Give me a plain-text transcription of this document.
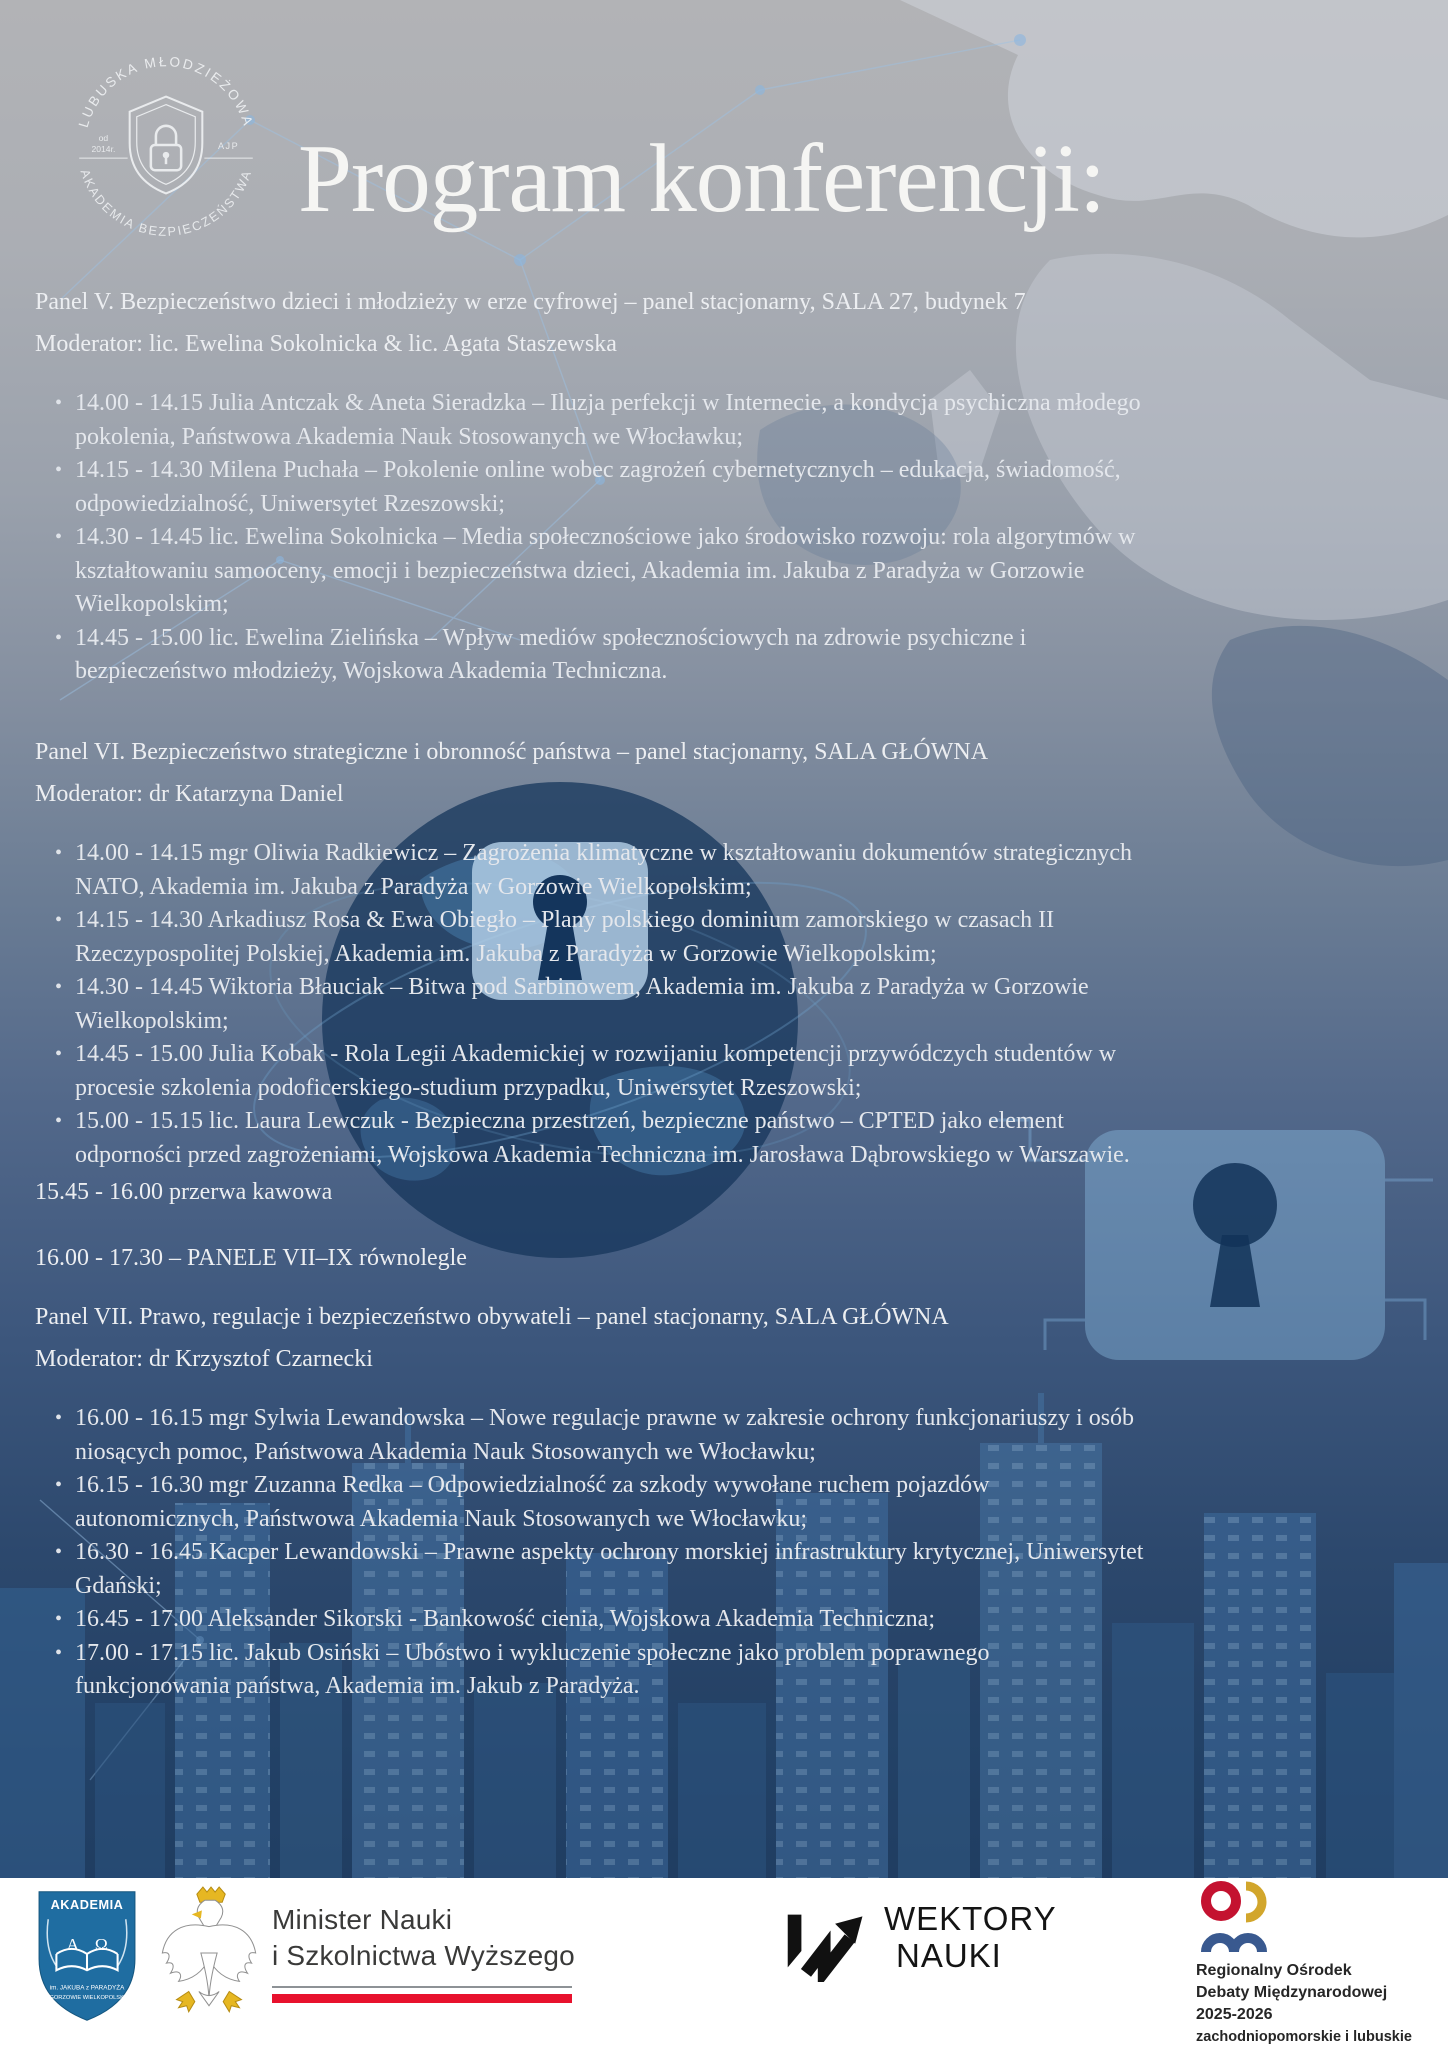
LUBUSKA MŁODZIEŻOWA
AKADEMIA BEZPIECZEŃSTWA
od
2014r.	AJP Program konferencji:

Panel V. Bezpieczeństwo dzieci i młodzieży w erze cyfrowej – panel stacjonarny, SALA 27, budynek 7

Moderator: lic. Ewelina Sokolnicka & lic. Agata Staszewska

• 14.00 - 14.15 Julia Antczak & Aneta Sieradzka – Iluzja perfekcji w Internecie, a kondycja psychiczna młodego pokolenia, Państwowa Akademia Nauk Stosowanych we Włocławku;
• 14.15 - 14.30 Milena Puchała – Pokolenie online wobec zagrożeń cybernetycznych – edukacja, świadomość, odpowiedzialność, Uniwersytet Rzeszowski;
• 14.30 - 14.45 lic. Ewelina Sokolnicka – Media społecznościowe jako środowisko rozwoju: rola algorytmów w kształtowaniu samooceny, emocji i bezpieczeństwa dzieci, Akademia im. Jakuba z Paradyża w Gorzowie Wielkopolskim;
• 14.45 - 15.00 lic. Ewelina Zielińska – Wpływ mediów społecznościowych na zdrowie psychiczne i bezpieczeństwo młodzieży, Wojskowa Akademia Techniczna.

Panel VI. Bezpieczeństwo strategiczne i obronność państwa – panel stacjonarny, SALA GŁÓWNA

Moderator: dr Katarzyna Daniel

• 14.00 - 14.15 mgr Oliwia Radkiewicz – Zagrożenia klimatyczne w kształtowaniu dokumentów strategicznych NATO, Akademia im. Jakuba z Paradyża w Gorzowie Wielkopolskim;
• 14.15 - 14.30 Arkadiusz Rosa & Ewa Obiegło – Plany polskiego dominium zamorskiego w czasach II Rzeczypospolitej Polskiej, Akademia im. Jakuba z Paradyża w Gorzowie Wielkopolskim;
• 14.30 - 14.45 Wiktoria Błauciak – Bitwa pod Sarbinowem, Akademia im. Jakuba z Paradyża w Gorzowie Wielkopolskim;
• 14.45 - 15.00 Julia Kobak - Rola Legii Akademickiej w rozwijaniu kompetencji przywódczych studentów w procesie szkolenia podoficerskiego-studium przypadku, Uniwersytet Rzeszowski;
• 15.00 - 15.15 lic. Laura Lewczuk - Bezpieczna przestrzeń, bezpieczne państwo – CPTED jako element odporności przed zagrożeniami, Wojskowa Akademia Techniczna im. Jarosława Dąbrowskiego w Warszawie.

15.45 - 16.00 przerwa kawowa

16.00 - 17.30 – PANELE VII–IX równolegle

Panel VII. Prawo, regulacje i bezpieczeństwo obywateli – panel stacjonarny, SALA GŁÓWNA

Moderator: dr Krzysztof Czarnecki

• 16.00 - 16.15 mgr Sylwia Lewandowska – Nowe regulacje prawne w zakresie ochrony funkcjonariuszy i osób niosących pomoc, Państwowa Akademia Nauk Stosowanych we Włocławku;
• 16.15 - 16.30 mgr Zuzanna Redka – Odpowiedzialność za szkody wywołane ruchem pojazdów autonomicznych, Państwowa Akademia Nauk Stosowanych we Włocławku;
• 16.30 - 16.45 Kacper Lewandowski – Prawne aspekty ochrony morskiej infrastruktury krytycznej, Uniwersytet Gdański;
• 16.45 - 17.00 Aleksander Sikorski - Bankowość cienia, Wojskowa Akademia Techniczna;
• 17.00 - 17.15 lic. Jakub Osiński – Ubóstwo i wykluczenie społeczne jako problem poprawnego funkcjonowania państwa, Akademia im. Jakub z Paradyża.
AKADEMIA
Α Ω
im. JAKUBA z PARADYŻA
w GORZOWIE WIELKOPOLSKIM
Minister Nauki
i Szkolnictwa Wyższego
WEKTORY
NAUKI	Regionalny Ośrodek
Debaty Międzynarodowej
2025-2026
zachodniopomorskie i lubuskie
